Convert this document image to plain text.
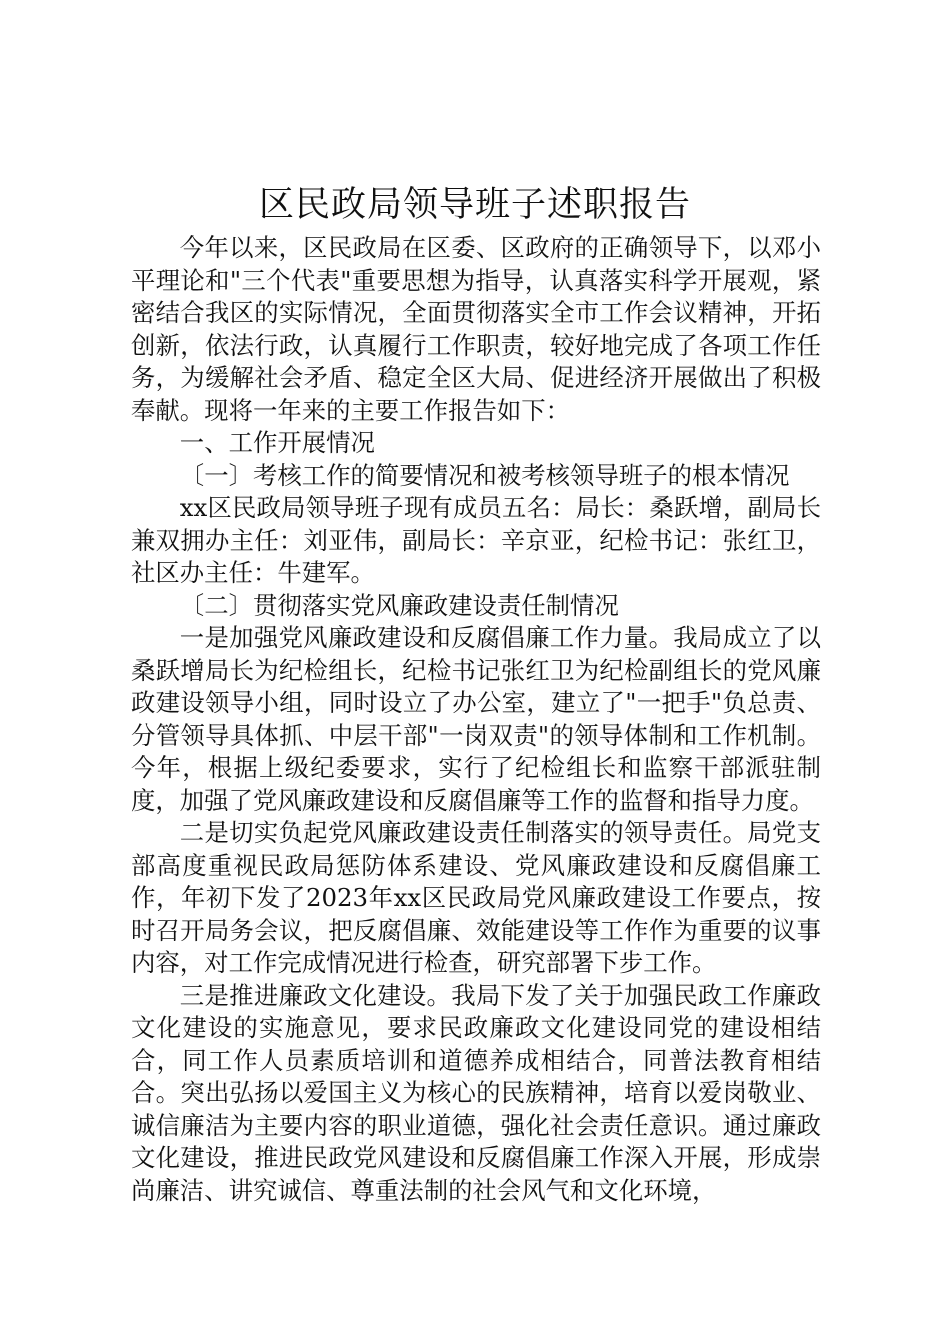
区民政局领导班子述职报告

今年以来，区民政局在区委、区政府的正确领导下，以邓小平理论和"三个代表"重要思想为指导，认真落实科学开展观，紧密结合我区的实际情况，全面贯彻落实全市工作会议精神，开拓创新，依法行政，认真履行工作职责，较好地完成了各项工作任务，为缓解社会矛盾、稳定全区大局、促进经济开展做出了积极奉献。现将一年来的主要工作报告如下：

一、工作开展情况

〔一〕考核工作的简要情况和被考核领导班子的根本情况

xx区民政局领导班子现有成员五名：局长：桑跃增，副局长兼双拥办主任：刘亚伟，副局长：辛京亚，纪检书记：张红卫，社区办主任：牛建军。

〔二〕贯彻落实党风廉政建设责任制情况

一是加强党风廉政建设和反腐倡廉工作力量。我局成立了以桑跃增局长为纪检组长，纪检书记张红卫为纪检副组长的党风廉政建设领导小组，同时设立了办公室，建立了"一把手"负总责、分管领导具体抓、中层干部"一岗双责"的领导体制和工作机制。今年，根据上级纪委要求，实行了纪检组长和监察干部派驻制度，加强了党风廉政建设和反腐倡廉等工作的监督和指导力度。

二是切实负起党风廉政建设责任制落实的领导责任。局党支部高度重视民政局惩防体系建设、党风廉政建设和反腐倡廉工作，年初下发了2023年xx区民政局党风廉政建设工作要点，按时召开局务会议，把反腐倡廉、效能建设等工作作为重要的议事内容，对工作完成情况进行检查，研究部署下步工作。

三是推进廉政文化建设。我局下发了关于加强民政工作廉政文化建设的实施意见，要求民政廉政文化建设同党的建设相结合，同工作人员素质培训和道德养成相结合，同普法教育相结合。突出弘扬以爱国主义为核心的民族精神，培育以爱岗敬业、诚信廉洁为主要内容的职业道德，强化社会责任意识。通过廉政文化建设，推进民政党风建设和反腐倡廉工作深入开展，形成崇尚廉洁、讲究诚信、尊重法制的社会风气和文化环境，
